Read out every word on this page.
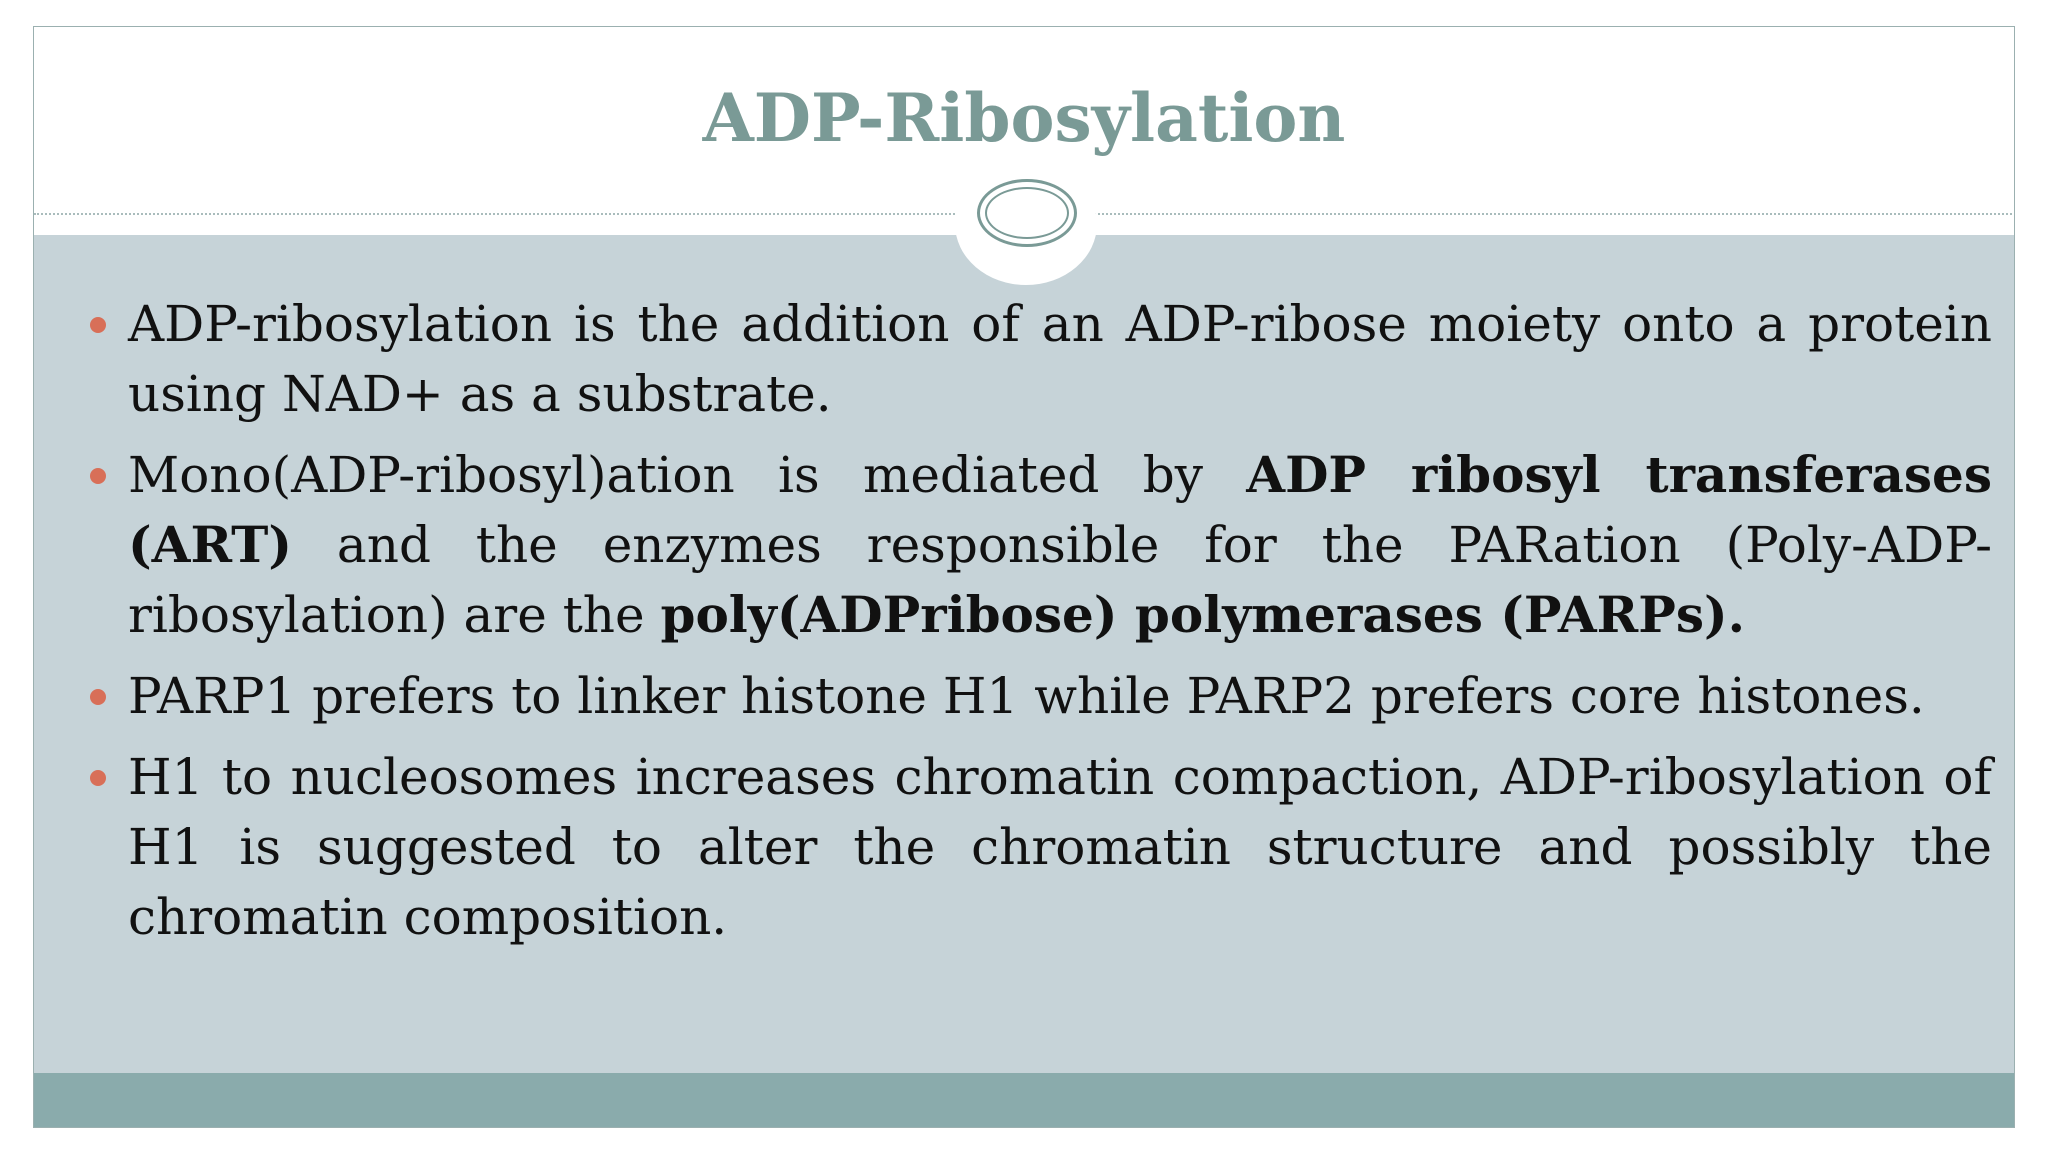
ADP-Ribosylation
ADP-ribosylation is the addition of an ADP-ribose moiety onto a protein using NAD+ as a substrate.
Mono(ADP-ribosyl)ation is mediated by ADP ribosyl transferases (ART) and the enzymes responsible for the PARation (Poly-ADP-ribosylation) are the poly(ADPribose) polymerases (PARPs).
PARP1 prefers to linker histone H1 while PARP2 prefers core histones.
H1 to nucleosomes increases chromatin compaction, ADP-ribosylation of H1 is suggested to alter the chromatin structure and possibly the chromatin composition.
